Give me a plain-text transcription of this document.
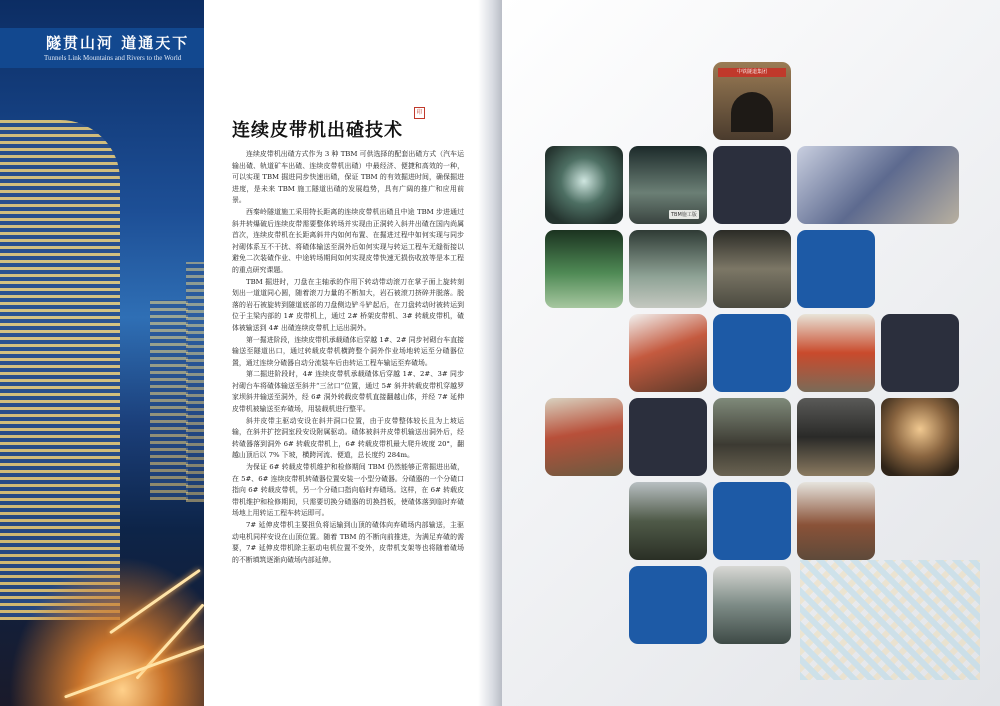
隧贯山河 道通天下
Tunnels Link Mountains and Rivers to the World
连续皮带机出碴技术
印

连续皮带机出碴方式作为 3 种 TBM 可供选择的配套出碴方式（汽车运输出碴、轨道矿车出碴、连续皮带机出碴）中最经济、便捷和高效的一种，可以实现 TBM 掘进同步快速出碴，保证 TBM 的有效掘进时间，确保掘进进度，是未来 TBM 施工隧道出碴的发展趋势，具有广阔的推广和应用前景。

西秦岭隧道施工采用特长距离的连续皮带机出碴且中途 TBM 步进通过斜井转爆破后连续皮带需要整体转场并实现由正洞转入斜井出碴在国内尚属首次，连续皮带机在长距离斜井内如何布置、在掘进过程中如何实现与同步衬砌体系互不干扰、将碴体输送至洞外后如何实现与转运工程车无缝衔接以避免二次装碴作业、中途转场期间如何实现皮带快速无损伤收放等是本工程的重点研究课题。

TBM 掘进时，刀盘在主轴承的作用下转动带动滚刀在掌子面上旋转刻划出一道道同心圆，随着滚刀力量的不断加大，岩石被滚刀挤碎并脱落。脱落的岩石被旋转到隧道底部的刀盘侧边铲斗铲起后，在刀盘转动时被转运到位于主梁内部的 1# 皮带机上，通过 2# 桥架皮带机、3# 转载皮带机，碴体被输送到 4# 出碴连续皮带机上运出洞外。

第一掘进阶段，连续皮带机承载碴体后穿越 1#、2# 同步衬砌台车直接输送至隧道出口，通过转载皮带机横跨整个洞外作业场地转运至分碴器位置，通过连续分碴器自动分流装车后由转运工程车输运至弃碴场。

第二掘进阶段时，4# 连续皮带机承载碴体后穿越 1#、2#、3# 同步衬砌台车将碴体输送至斜井“三岔口”位置，通过 5# 斜井转载皮带机穿越罗家坝斜井输送至洞外，经 6# 洞外转载皮带机直接翻越山体，并经 7# 延伸皮带机被输送至弃碴场，用装载机进行整平。

斜井皮带主驱动安设在斜井洞口位置，由于皮带整体较长且为上坡运输，在斜井扩挖洞室段安设附属驱动。碴体被斜井皮带机输送出洞外后，经转碴器落到洞外 6# 转载皮带机上，6# 转载皮带机最大爬升坡度 20°，翻越山顶后以 7% 下坡，横跨河流、便道，总长度约 284m。

为保证 6# 转载皮带机维护和检修期间 TBM 仍然能够正常掘进出碴，在 5#、6# 连续皮带机转碴器位置安装一小型分碴器。分碴器的一个分碴口指向 6# 转载皮带机，另一个分碴口指向临时弃碴场。这样，在 6# 转载皮带机维护和检修期间，只需要切换分碴器的切换挡板，使碴体落到临时弃碴场地上用转运工程车转运即可。

7# 延伸皮带机主要担负将运输到山顶的碴体向弃碴场内部输送，主驱动电机同样安设在山顶位置。随着 TBM 的不断向前推进，为满足弃碴的需要，7# 延伸皮带机除主驱动电机位置不变外，皮带机支架等也将随着碴场的不断填筑逐渐向碴场内部延伸。

中铁隧道集团
TBM施工版
